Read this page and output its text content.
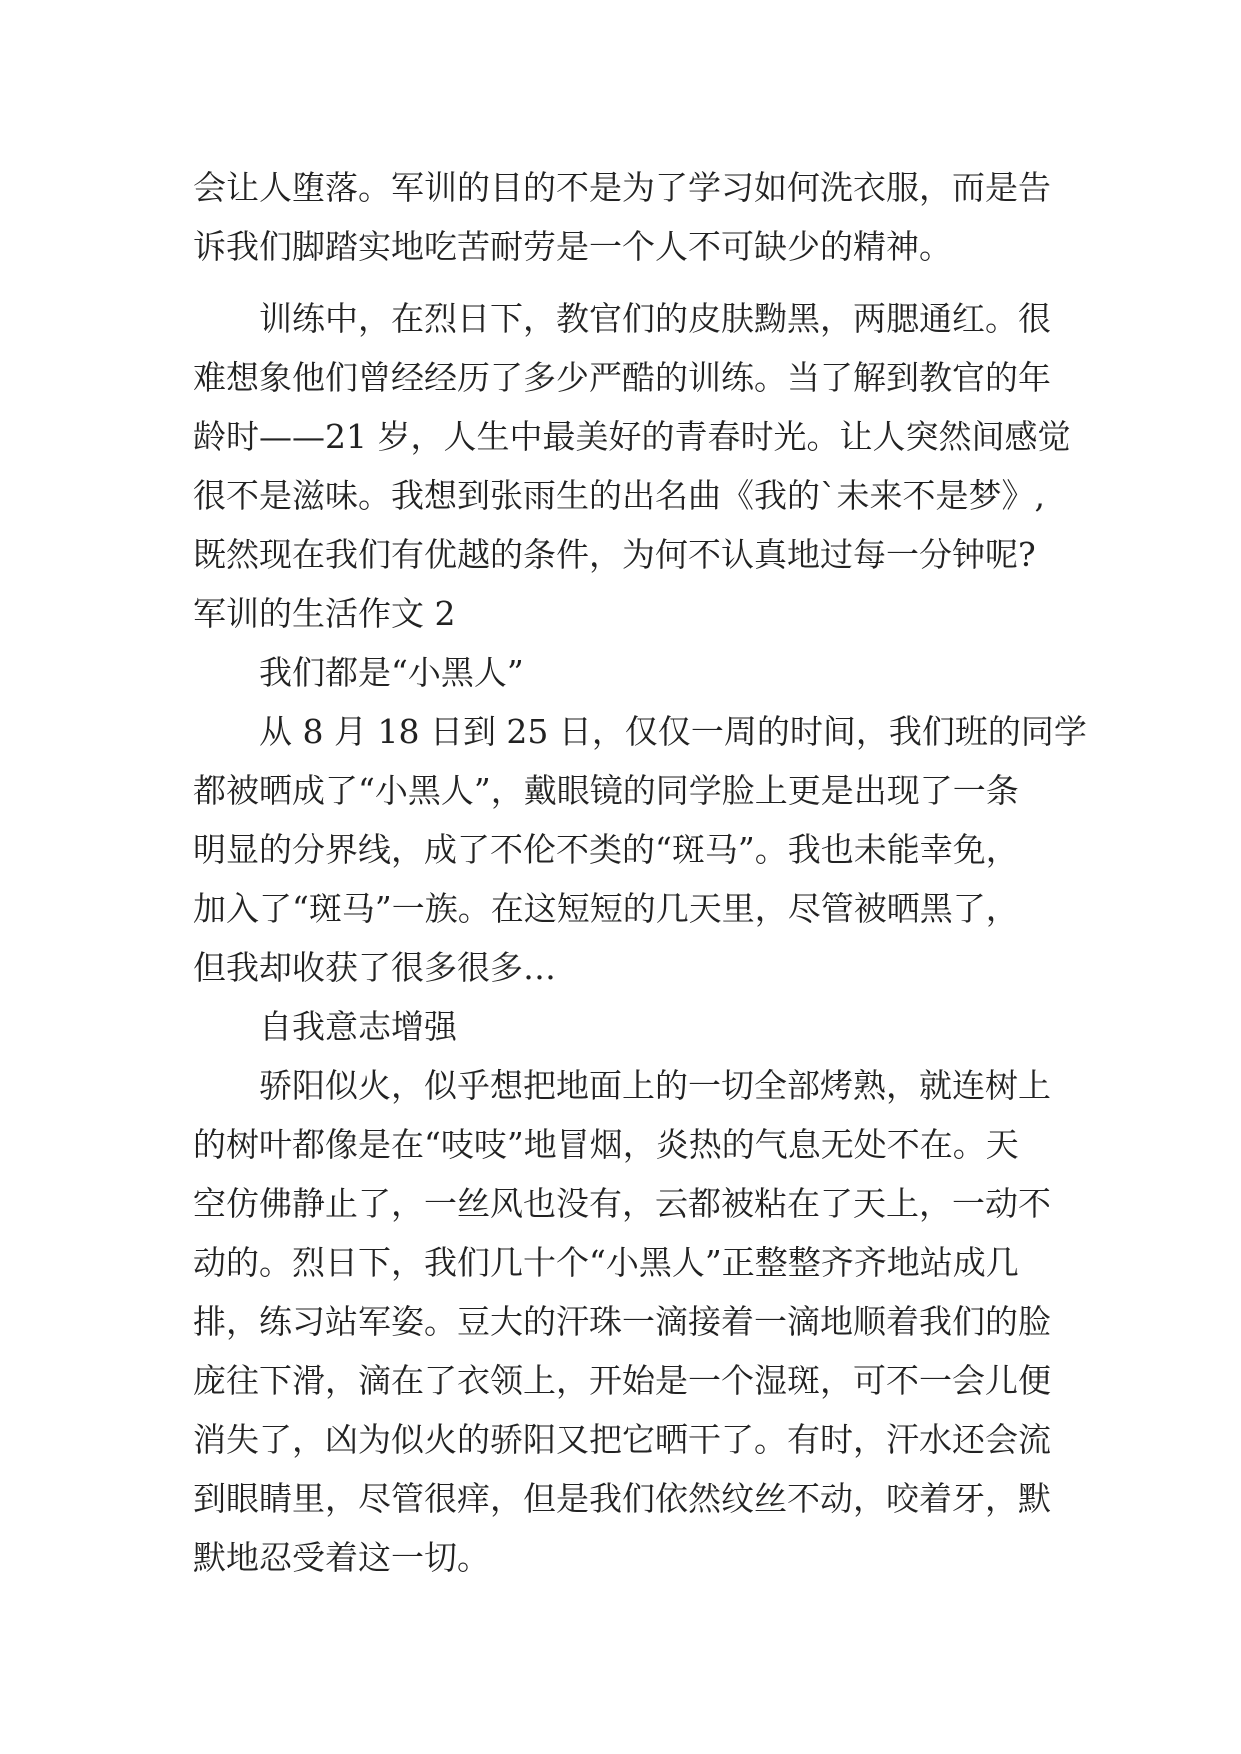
会让人堕落。军训的目的不是为了学习如何洗衣服，而是告
诉我们脚踏实地吃苦耐劳是一个人不可缺少的精神。
训练中，在烈日下，教官们的皮肤黝黑，两腮通红。很
难想象他们曾经经历了多少严酷的训练。当了解到教官的年
龄时——21 岁，人生中最美好的青春时光。让人突然间感觉
很不是滋味。我想到张雨生的出名曲《我的`未来不是梦》,
既然现在我们有优越的条件，为何不认真地过每一分钟呢?
军训的生活作文 2
我们都是“小黑人”
从 8 月 18 日到 25 日，仅仅一周的时间，我们班的同学
都被晒成了“小黑人”，戴眼镜的同学脸上更是出现了一条
明显的分界线，成了不伦不类的“斑马”。我也未能幸免，
加入了“斑马”一族。在这短短的几天里，尽管被晒黑了，
但我却收获了很多很多…
自我意志增强
骄阳似火，似乎想把地面上的一切全部烤熟，就连树上
的树叶都像是在“吱吱”地冒烟，炎热的气息无处不在。天
空仿佛静止了，一丝风也没有，云都被粘在了天上，一动不
动的。烈日下，我们几十个“小黑人”正整整齐齐地站成几
排，练习站军姿。豆大的汗珠一滴接着一滴地顺着我们的脸
庞往下滑，滴在了衣领上，开始是一个湿斑，可不一会儿便
消失了，凶为似火的骄阳又把它晒干了。有时，汗水还会流
到眼睛里，尽管很痒，但是我们依然纹丝不动，咬着牙，默
默地忍受着这一切。
